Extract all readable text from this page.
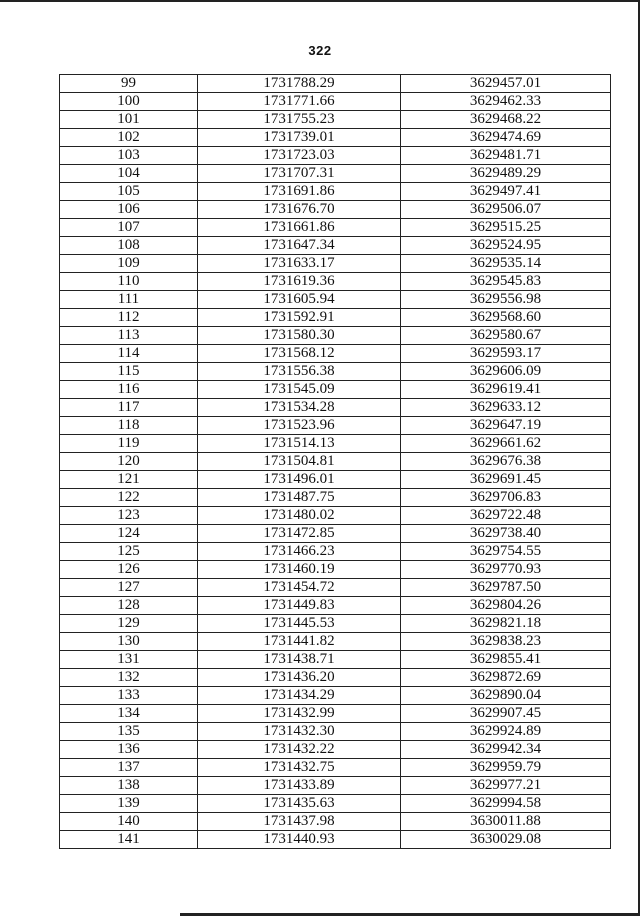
322
99	1731788.29	3629457.01
100	1731771.66	3629462.33
101	1731755.23	3629468.22
102	1731739.01	3629474.69
103	1731723.03	3629481.71
104	1731707.31	3629489.29
105	1731691.86	3629497.41
106	1731676.70	3629506.07
107	1731661.86	3629515.25
108	1731647.34	3629524.95
109	1731633.17	3629535.14
110	1731619.36	3629545.83
111	1731605.94	3629556.98
112	1731592.91	3629568.60
113	1731580.30	3629580.67
114	1731568.12	3629593.17
115	1731556.38	3629606.09
116	1731545.09	3629619.41
117	1731534.28	3629633.12
118	1731523.96	3629647.19
119	1731514.13	3629661.62
120	1731504.81	3629676.38
121	1731496.01	3629691.45
122	1731487.75	3629706.83
123	1731480.02	3629722.48
124	1731472.85	3629738.40
125	1731466.23	3629754.55
126	1731460.19	3629770.93
127	1731454.72	3629787.50
128	1731449.83	3629804.26
129	1731445.53	3629821.18
130	1731441.82	3629838.23
131	1731438.71	3629855.41
132	1731436.20	3629872.69
133	1731434.29	3629890.04
134	1731432.99	3629907.45
135	1731432.30	3629924.89
136	1731432.22	3629942.34
137	1731432.75	3629959.79
138	1731433.89	3629977.21
139	1731435.63	3629994.58
140	1731437.98	3630011.88
141	1731440.93	3630029.08
